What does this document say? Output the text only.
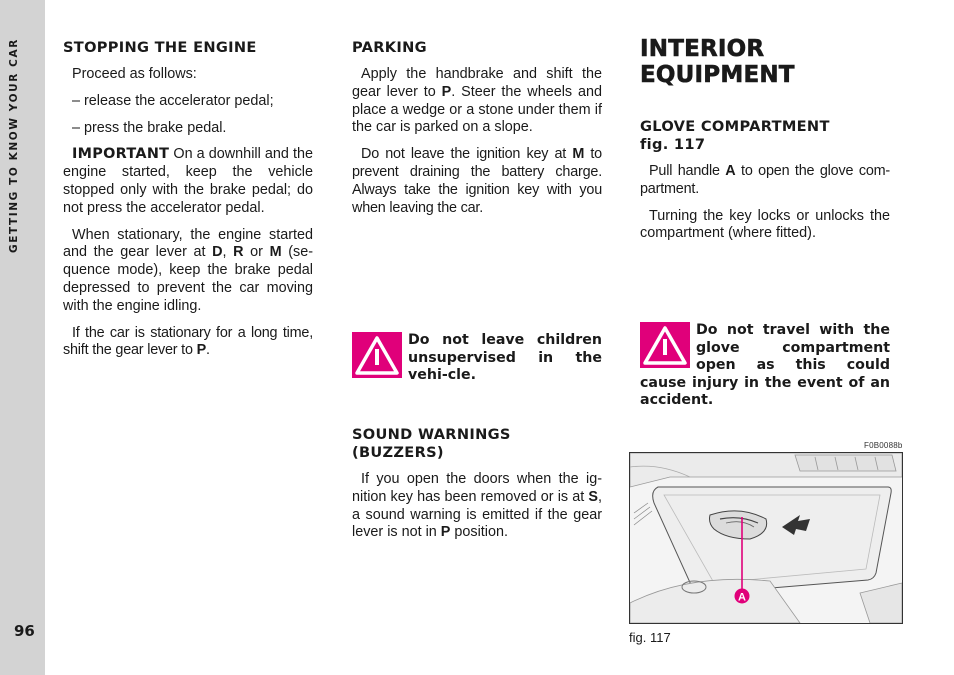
GETTING TO KNOW YOUR CAR
96
STOPPING THE ENGINE

Proceed as follows:

– release the accelerator pedal;

– press the brake pedal.

IMPORTANT On a downhill and the engine started, keep the vehicle stopped only with the brake pedal; do not press the accelerator pedal.

When stationary, the engine started and the gear lever at D, R or M (se-quence mode), keep the brake pedal depressed to prevent the car moving with the engine idling.

If the car is stationary for a long time, shift the gear lever to P.

PARKING

Apply the handbrake and shift the gear lever to P. Steer the wheels and place a wedge or a stone under them if the car is parked on a slope.

Do not leave the ignition key at M to prevent draining the battery charge. Always take the ignition key with you when leaving the car.

Do not leave children unsupervised in the vehi-cle.
SOUND WARNINGS (BUZZERS)

If you open the doors when the ig-nition key has been removed or is at S, a sound warning is emitted if the gear lever is not in P position.

INTERIOR EQUIPMENT
GLOVE COMPARTMENT
fig. 117

Pull handle A to open the glove com-partment.

Turning the key locks or unlocks the compartment (where fitted).

Do not travel with the glove compartment open as this could cause injury in the event of an accident.
F0B0088b
A
fig. 117
